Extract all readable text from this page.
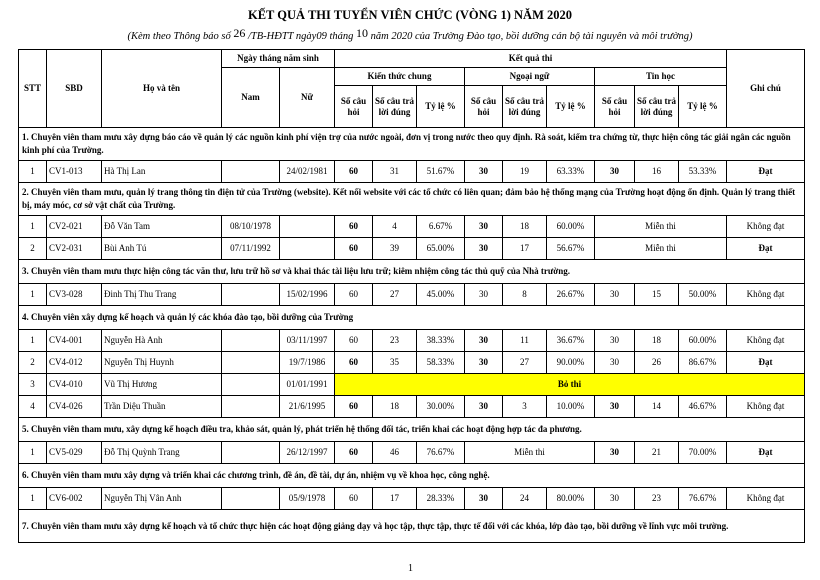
KẾT QUẢ THI TUYỂN VIÊN CHỨC (VÒNG 1) NĂM 2020
(Kèm theo Thông báo số 26 /TB-HĐTT ngày09 tháng 10 năm 2020 của Trường Đào tạo, bồi dưỡng cán bộ tài nguyên và môi trường)
STT	SBD	Họ và tên	Ngày tháng năm sinh		Kết quả thi									Ghi chú
			Nam	Nữ	Kiến thức chung			Ngoại ngữ			Tin học			
					Số câu hỏi	Số câu trả lời đúng	Tỷ lệ %	Số câu hỏi	Số câu trả lời đúng	Tỷ lệ %	Số câu hỏi	Số câu trả lời đúng	Tỷ lệ %	
1. Chuyên viên tham mưu xây dựng báo cáo về quản lý các nguồn kinh phí viện trợ của nước ngoài, đơn vị trong nước theo quy định. Rà soát, kiểm tra chứng từ, thực hiện công tác giải ngân các nguồn kinh phí của Trường.														
1	CV1-013	Hà Thị Lan		24/02/1981	60	31	51.67%	30	19	63.33%	30	16	53.33%	Đạt
2. Chuyên viên tham mưu, quản lý trang thông tin điện tử của Trường (website). Kết nối website với các tổ chức có liên quan; đảm bảo hệ thống mạng của Trường hoạt động ổn định. Quản lý trang thiết bị, máy móc, cơ sở vật chất của Trường.														
1	CV2-021	Đỗ Văn Tam	08/10/1978		60	4	6.67%	30	18	60.00%	Miễn thi			Không đạt
2	CV2-031	Bùi Anh Tú	07/11/1992		60	39	65.00%	30	17	56.67%	Miễn thi			Đạt
3. Chuyên viên tham mưu thực hiện công tác văn thư, lưu trữ hồ sơ và khai thác tài liệu lưu trữ; kiêm nhiệm công tác thủ quỹ của Nhà trường.														
1	CV3-028	Đinh Thị Thu Trang		15/02/1996	60	27	45.00%	30	8	26.67%	30	15	50.00%	Không đạt
4. Chuyên viên xây dựng kế hoạch và quản lý các khóa đào tạo, bồi dưỡng của Trường														
1	CV4-001	Nguyễn Hà Anh		03/11/1997	60	23	38.33%	30	11	36.67%	30	18	60.00%	Không đạt
2	CV4-012	Nguyễn Thị Huynh		19/7/1986	60	35	58.33%	30	27	90.00%	30	26	86.67%	Đạt
3	CV4-010	Vũ Thị Hương		01/01/1991	Bỏ thi									
4	CV4-026	Trần Diệu Thuần		21/6/1995	60	18	30.00%	30	3	10.00%	30	14	46.67%	Không đạt
5. Chuyên viên tham mưu, xây dựng kế hoạch điều tra, khảo sát, quản lý, phát triển hệ thống đối tác, triển khai các hoạt động hợp tác đa phương.														
1	CV5-029	Đỗ Thị Quỳnh Trang		26/12/1997	60	46	76.67%	Miễn thi			30	21	70.00%	Đạt
6. Chuyên viên tham mưu xây dựng và triển khai các chương trình, đề án, đề tài, dự án, nhiệm vụ về khoa học, công nghệ.														
1	CV6-002	Nguyễn Thị Vân Anh		05/9/1978	60	17	28.33%	30	24	80.00%	30	23	76.67%	Không đạt
7. Chuyên viên tham mưu xây dựng kế hoạch và tổ chức thực hiện các hoạt động giảng dạy và học tập, thực tập, thực tế đối với các khóa, lớp đào tạo, bồi dưỡng về lĩnh vực môi trường.														
1
